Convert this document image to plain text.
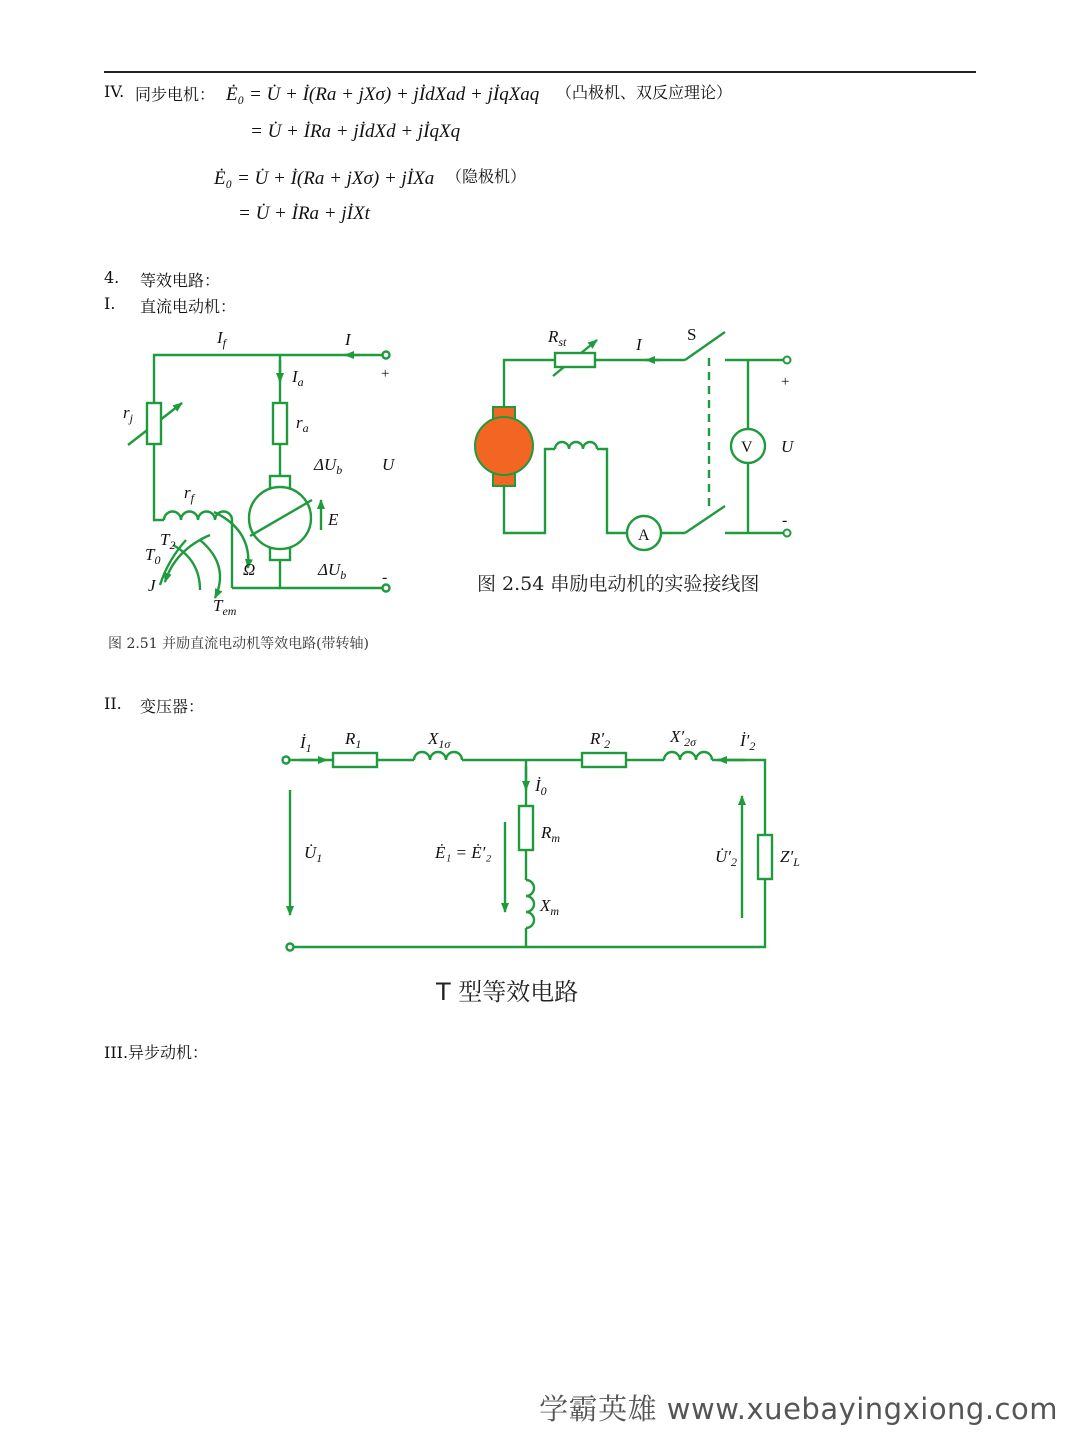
IV. 同步电机： Ė₀ = U̇ + İ(Ra + jXσ) + jİdXad + jİqXaq （凸极机、双反应理论）
= U̇ + İRa + jİdXd + jİqXq
Ė₀ = U̇ + İ(Ra + jXσ) + jİXa （隐极机）
= U̇ + İRa + jİXt
4. 等效电路：
I. 直流电动机：
$I_f$	I
+
$I_a$
$r_j$	$r_a$
$\Delta U_b$ U
$r_f$
E
$T_2$
$T_0$	Ω	$\Delta U_b$ -
J
$T_{em}$
图 2.51 并励直流电动机等效电路(带转轴)
$R_{st}$	I
S
+
V U
A
-
图 2.54 串励电动机的实验接线图
II. 变压器：
$İ_1$ $R_1$	$X_{1\sigma}$	$R'_2$	$X'_{2\sigma}$	$İ'_2$
$İ_0$
$R_m$
$U̇_1$	Ė₁ = Ė′₂	$U̇'_2$	$Z'_L$
$X_m$
T 型等效电路
III.异步动机：
学霸英雄 www.xuebayingxiong.com
